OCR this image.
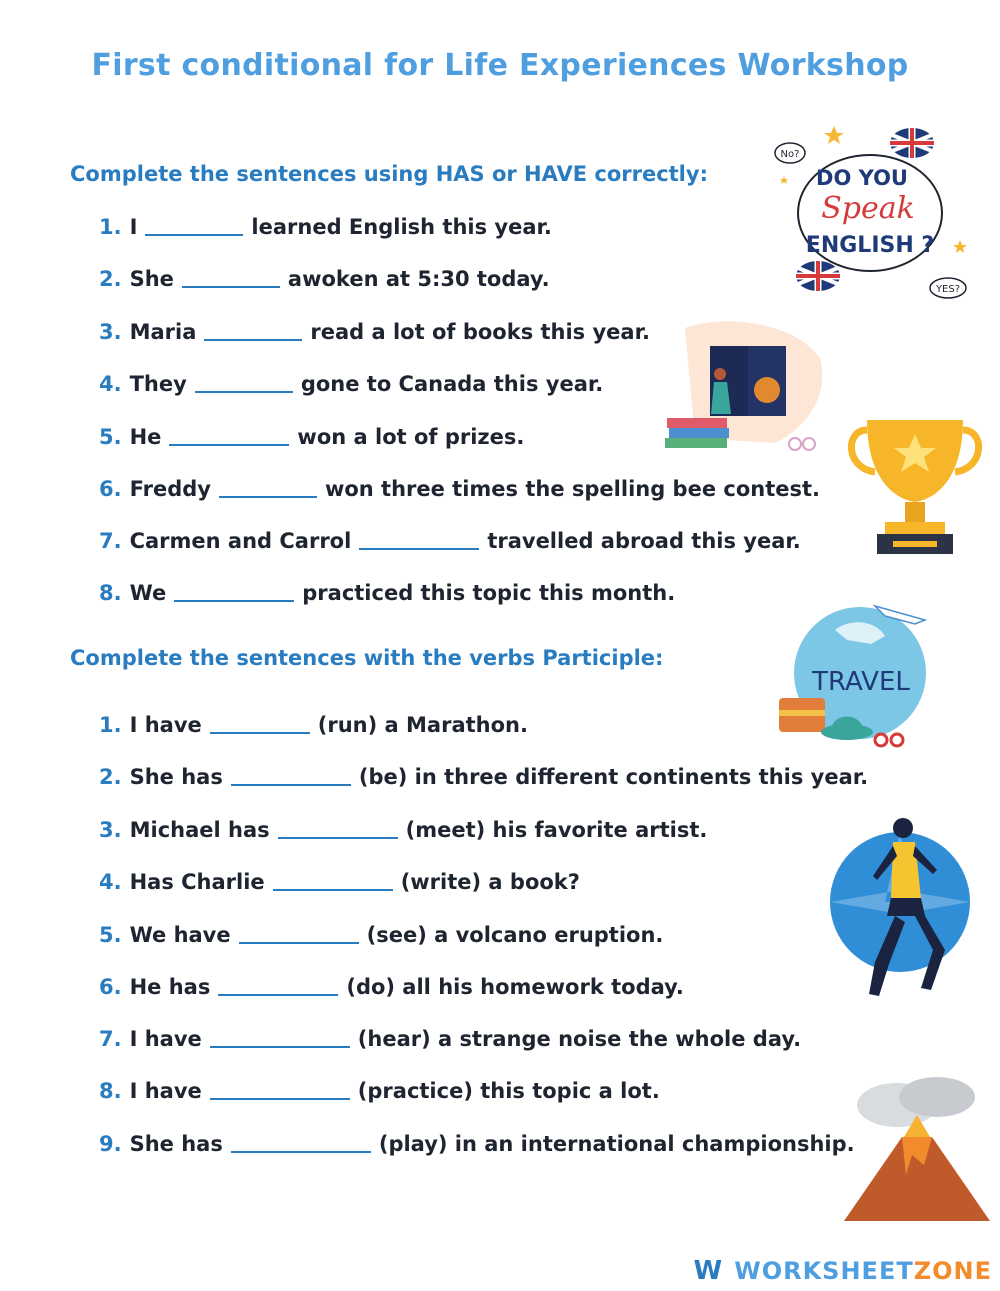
First conditional for Life Experiences Workshop
Complete the sentences using HAS or HAVE correctly:
1. I	learned English this year.
2. She	awoken at 5:30 today.
3. Maria	read a lot of books this year.
4. They	gone to Canada this year.
5. He	won a lot of prizes.
6. Freddy	won three times the spelling bee contest.
7. Carmen and Carrol	travelled abroad this year.
8. We	practiced this topic this month.
Complete the sentences with the verbs Participle:
1. I have	(run) a Marathon.
2. She has	(be) in three different continents this year.
3. Michael has	(meet) his favorite artist.
4. Has Charlie	(write) a book?
5. We have	(see) a volcano eruption.
6. He has	(do) all his homework today.
7. I have	(hear) a strange noise the whole day.
8. I have	(practice) this topic a lot.
9. She has	(play) in an international championship.
DO YOU
Speak
ENGLISH ?
No?
YES?
TRAVEL
W WORKSHEETZONE
